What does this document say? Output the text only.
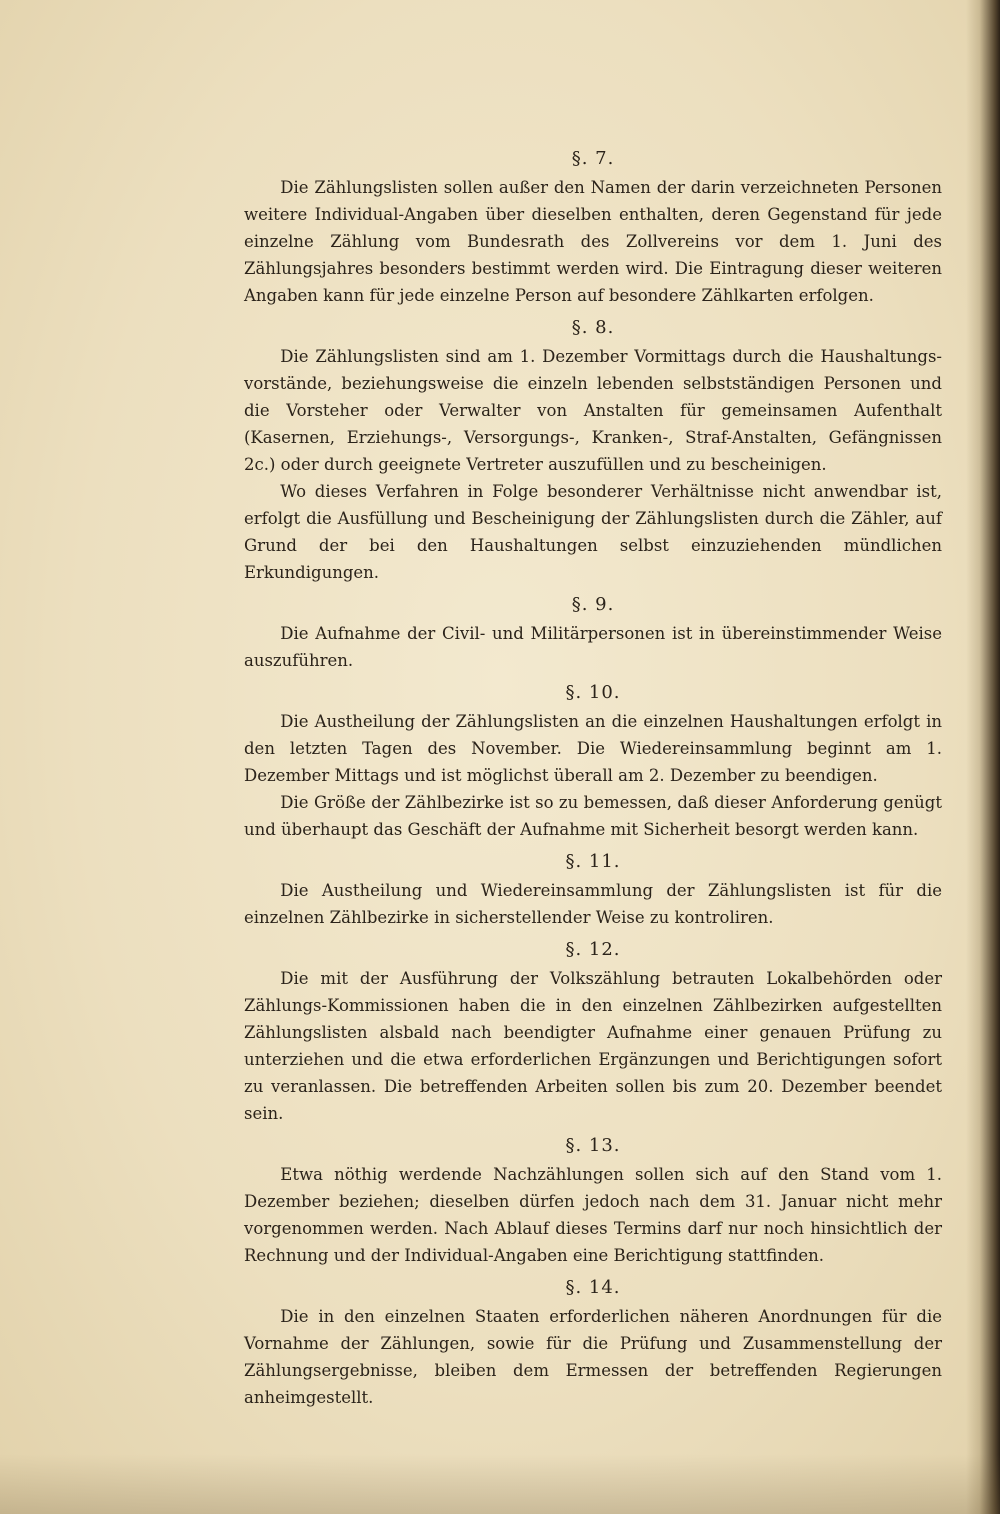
§. 7.

Die Zählungslisten sollen außer den Namen der darin verzeichneten Personen weitere Individual-Angaben über dieselben enthalten, deren Gegenstand für jede einzelne Zählung vom Bundesrath des Zollvereins vor dem 1. Juni des Zählungsjahres besonders bestimmt werden wird. Die Eintragung dieser weiteren Angaben kann für jede einzelne Person auf besondere Zählkarten erfolgen.

§. 8.

Die Zählungslisten sind am 1. Dezember Vormittags durch die Haushaltungs-vorstände, beziehungsweise die einzeln lebenden selbstständigen Personen und die Vorsteher oder Verwalter von Anstalten für gemeinsamen Aufenthalt (Kasernen, Erziehungs-, Versorgungs-, Kranken-, Straf-Anstalten, Gefängnissen 2c.) oder durch geeignete Vertreter auszufüllen und zu bescheinigen.

Wo dieses Verfahren in Folge besonderer Verhältnisse nicht anwendbar ist, erfolgt die Ausfüllung und Bescheinigung der Zählungslisten durch die Zähler, auf Grund der bei den Haushaltungen selbst einzuziehenden mündlichen Erkundigungen.

§. 9.

Die Aufnahme der Civil- und Militärpersonen ist in übereinstimmender Weise auszuführen.

§. 10.

Die Austheilung der Zählungslisten an die einzelnen Haushaltungen erfolgt in den letzten Tagen des November. Die Wiedereinsammlung beginnt am 1. Dezember Mittags und ist möglichst überall am 2. Dezember zu beendigen.

Die Größe der Zählbezirke ist so zu bemessen, daß dieser Anforderung genügt und überhaupt das Geschäft der Aufnahme mit Sicherheit besorgt werden kann.

§. 11.

Die Austheilung und Wiedereinsammlung der Zählungslisten ist für die einzelnen Zählbezirke in sicherstellender Weise zu kontroliren.

§. 12.

Die mit der Ausführung der Volkszählung betrauten Lokalbehörden oder Zählungs-Kommissionen haben die in den einzelnen Zählbezirken aufgestellten Zählungslisten alsbald nach beendigter Aufnahme einer genauen Prüfung zu unterziehen und die etwa erforderlichen Ergänzungen und Berichtigungen sofort zu veranlassen. Die betreffenden Arbeiten sollen bis zum 20. Dezember beendet sein.

§. 13.

Etwa nöthig werdende Nachzählungen sollen sich auf den Stand vom 1. Dezember beziehen; dieselben dürfen jedoch nach dem 31. Januar nicht mehr vorgenommen werden. Nach Ablauf dieses Termins darf nur noch hinsichtlich der Rechnung und der Individual-Angaben eine Berichtigung stattfinden.

§. 14.

Die in den einzelnen Staaten erforderlichen näheren Anordnungen für die Vornahme der Zählungen, sowie für die Prüfung und Zusammenstellung der Zählungsergebnisse, bleiben dem Ermessen der betreffenden Regierungen anheimgestellt.
